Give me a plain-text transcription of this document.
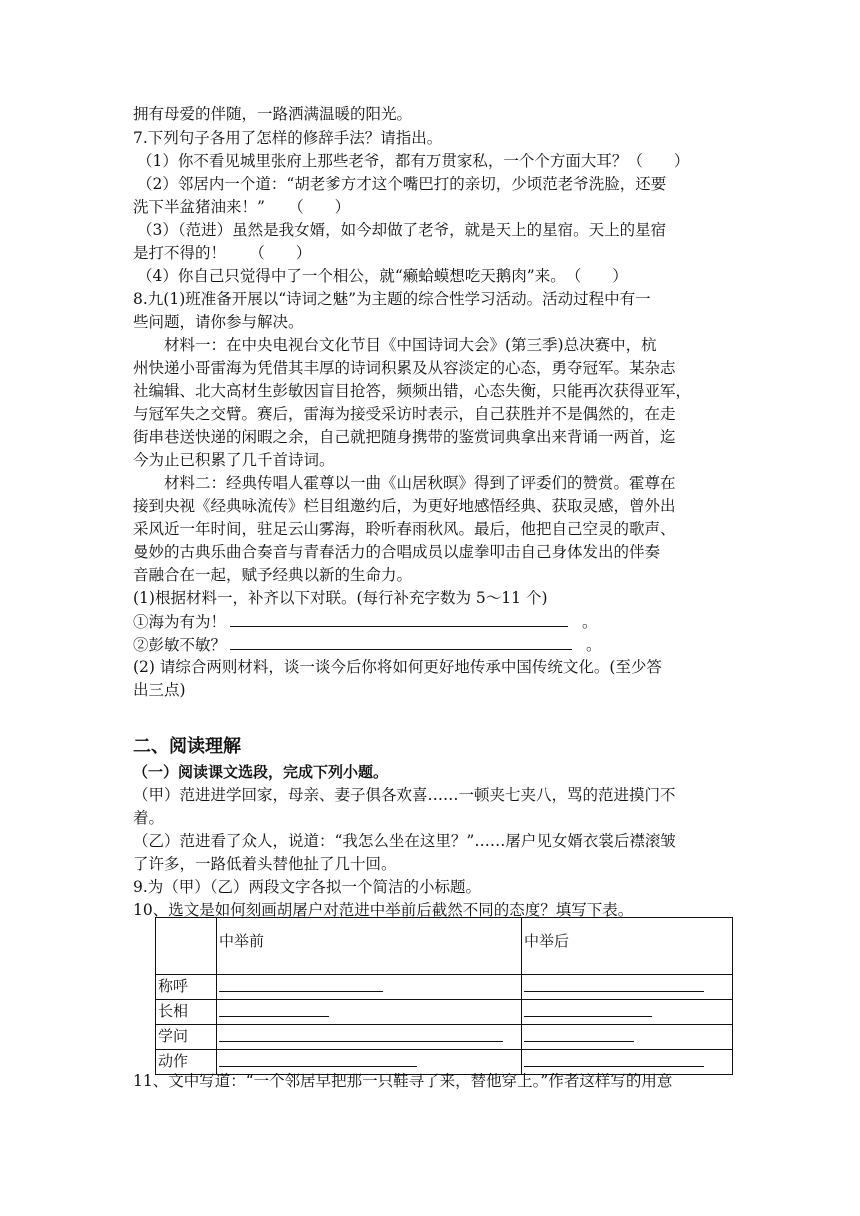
拥有母爱的伴随，一路洒满温暖的阳光。
7.下列句子各用了怎样的修辞手法？请指出。
（1）你不看见城里张府上那些老爷，都有万贯家私，一个个方面大耳？（　　）
（2）邻居内一个道：“胡老爹方才这个嘴巴打的亲切，少顷范老爷洗脸，还要
洗下半盆猪油来！”　　（　　）
（3）（范进）虽然是我女婿，如今却做了老爷，就是天上的星宿。天上的星宿
是打不得的！　　（　　）
（4）你自己只觉得中了一个相公，就“癞蛤蟆想吃天鹅肉”来。　（　　）
8.九(1)班准备开展以“诗词之魅”为主题的综合性学习活动。活动过程中有一
些问题，请你参与解决。
材料一：在中央电视台文化节目《中国诗词大会》(第三季)总决赛中，杭
州快递小哥雷海为凭借其丰厚的诗词积累及从容淡定的心态，勇夺冠军。某杂志
社编辑、北大高材生彭敏因盲目抢答，频频出错，心态失衡，只能再次获得亚军，
与冠军失之交臂。赛后，雷海为接受采访时表示，自己获胜并不是偶然的，在走
街串巷送快递的闲暇之余，自己就把随身携带的鉴赏词典拿出来背诵一两首，迄
今为止已积累了几千首诗词。
材料二：经典传唱人霍尊以一曲《山居秋暝》得到了评委们的赞赏。霍尊在
接到央视《经典咏流传》栏目组邀约后，为更好地感悟经典、获取灵感，曾外出
采风近一年时间，驻足云山雾海，聆听春雨秋风。最后，他把自己空灵的歌声、
曼妙的古典乐曲合奏音与青春活力的合唱成员以虚拳叩击自己身体发出的伴奏
音融合在一起，赋予经典以新的生命力。
(1)根据材料一，补齐以下对联。(每行补充字数为 5～11 个)
①海为有为！	。
②彭敏不敏？	。
(2) 请综合两则材料，谈一谈今后你将如何更好地传承中国传统文化。(至少答
出三点)
二、阅读理解
（一）阅读课文选段，完成下列小题。
（甲）范进进学回家，母亲、妻子俱各欢喜……一顿夹七夹八，骂的范进摸门不
着。
（乙）范进看了众人，说道：“我怎么坐在这里？”……屠户见女婿衣裳后襟滚皱
了许多，一路低着头替他扯了几十回。
9.为（甲）（乙）两段文字各拟一个简洁的小标题。
10、选文是如何刻画胡屠户对范进中举前后截然不同的态度？填写下表。
	中举前	中举后
称呼		
长相		
学问		
动作		
11、文中写道：“一个邻居早把那一只鞋寻了来，替他穿上。”作者这样写的用意
